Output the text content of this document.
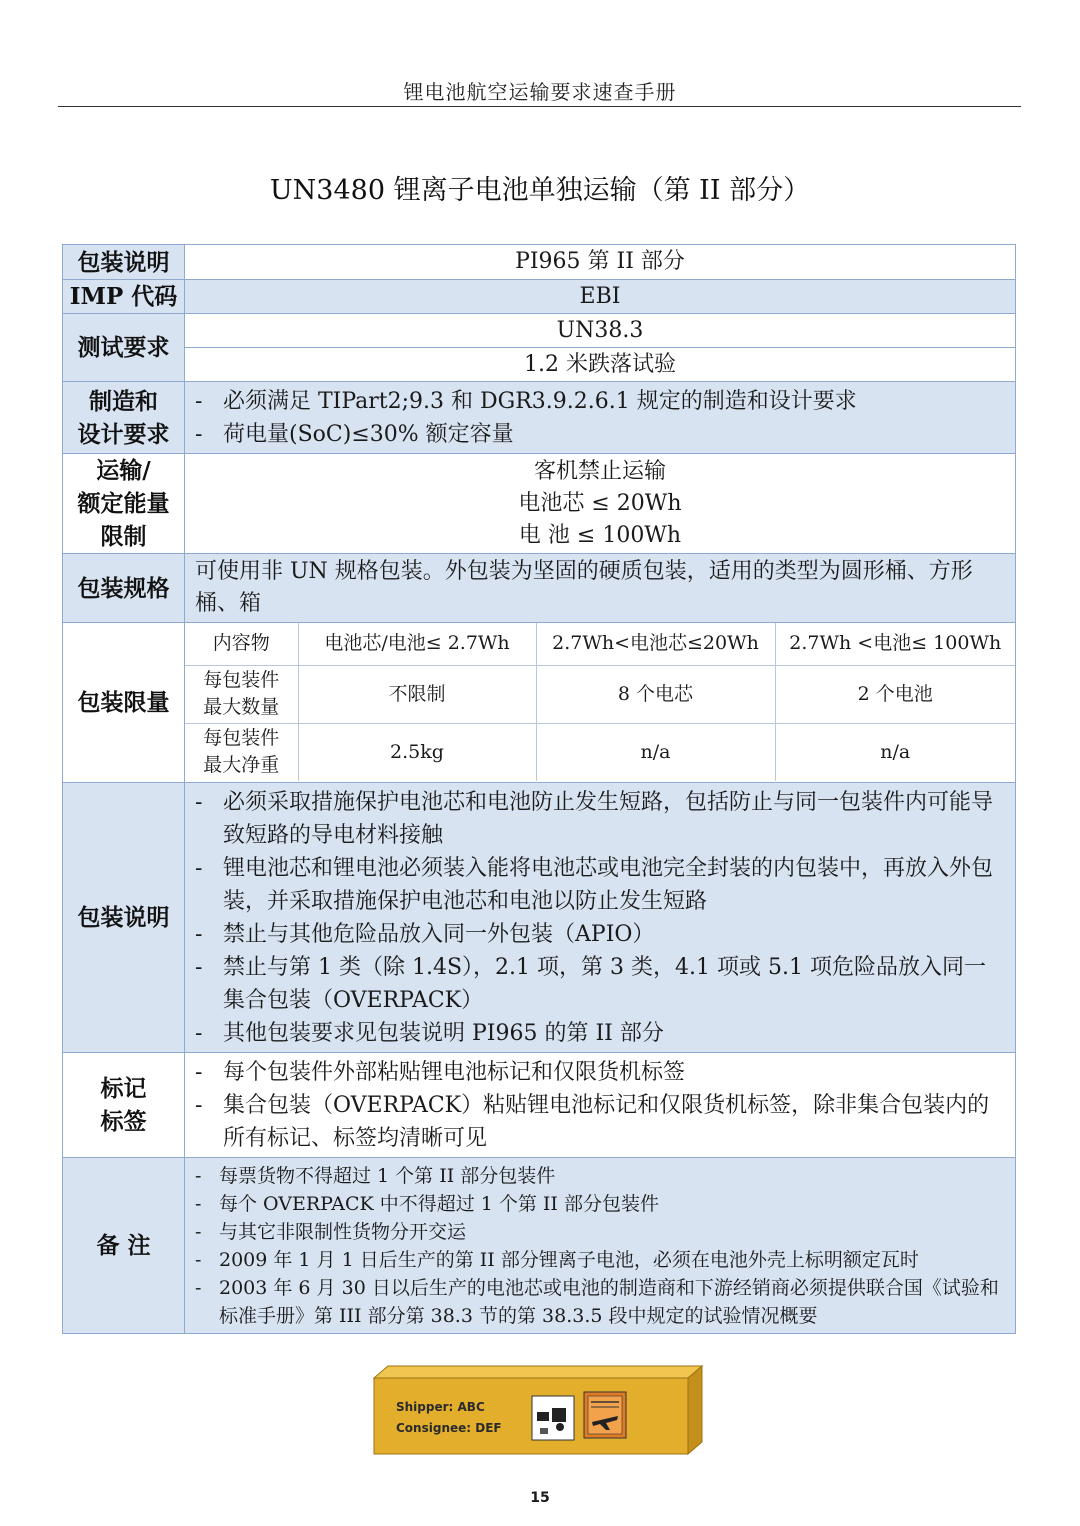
锂电池航空运输要求速查手册
UN3480 锂离子电池单独运输（第 II 部分）
包装说明	PI965 第 II 部分
IMP 代码	EBI
测试要求	UN38.3
1.2 米跌落试验

制造和
设计要求

- 必须满足 TIPart2;9.3 和 DGR3.9.2.6.1 规定的制造和设计要求
- 荷电量(SoC)≤30% 额定容量

运输/
额定能量
限制

客机禁止运输
电池芯 ≤ 20Wh
电 池 ≤ 100Wh

包装规格	可使用非 UN 规格包装。外包装为坚固的硬质包装，适用的类型为圆形桶、方形桶、箱
包装限量	
内容物	电池芯/电池≤ 2.7Wh	2.7Wh<电池芯≤20Wh	2.7Wh <电池≤ 100Wh

每包装件
最大数量
	不限制	8 个电芯	2 个电池

每包装件
最大净重
	2.5kg	n/a	n/a

包装说明	
- 必须采取措施保护电池芯和电池防止发生短路，包括防止与同一包装件内可能导致短路的导电材料接触
- 锂电池芯和锂电池必须装入能将电池芯或电池完全封装的内包装中，再放入外包装，并采取措施保护电池芯和电池以防止发生短路
- 禁止与其他危险品放入同一外包装（APIO）
- 禁止与第 1 类（除 1.4S），2.1 项，第 3 类，4.1 项或 5.1 项危险品放入同一集合包装（OVERPACK）
- 其他包装要求见包装说明 PI965 的第 II 部分

标记
标签

- 每个包装件外部粘贴锂电池标记和仅限货机标签
- 集合包装（OVERPACK）粘贴锂电池标记和仅限货机标签，除非集合包装内的所有标记、标签均清晰可见

备 注	
- 每票货物不得超过 1 个第 II 部分包装件
- 每个 OVERPACK 中不得超过 1 个第 II 部分包装件
- 与其它非限制性货物分开交运
- 2009 年 1 月 1 日后生产的第 II 部分锂离子电池，必须在电池外壳上标明额定瓦时
- 2003 年 6 月 30 日以后生产的电池芯或电池的制造商和下游经销商必须提供联合国《试验和标准手册》第 III 部分第 38.3 节的第 38.3.5 段中规定的试验情况概要
Shipper: ABC
Consignee: DEF
15
